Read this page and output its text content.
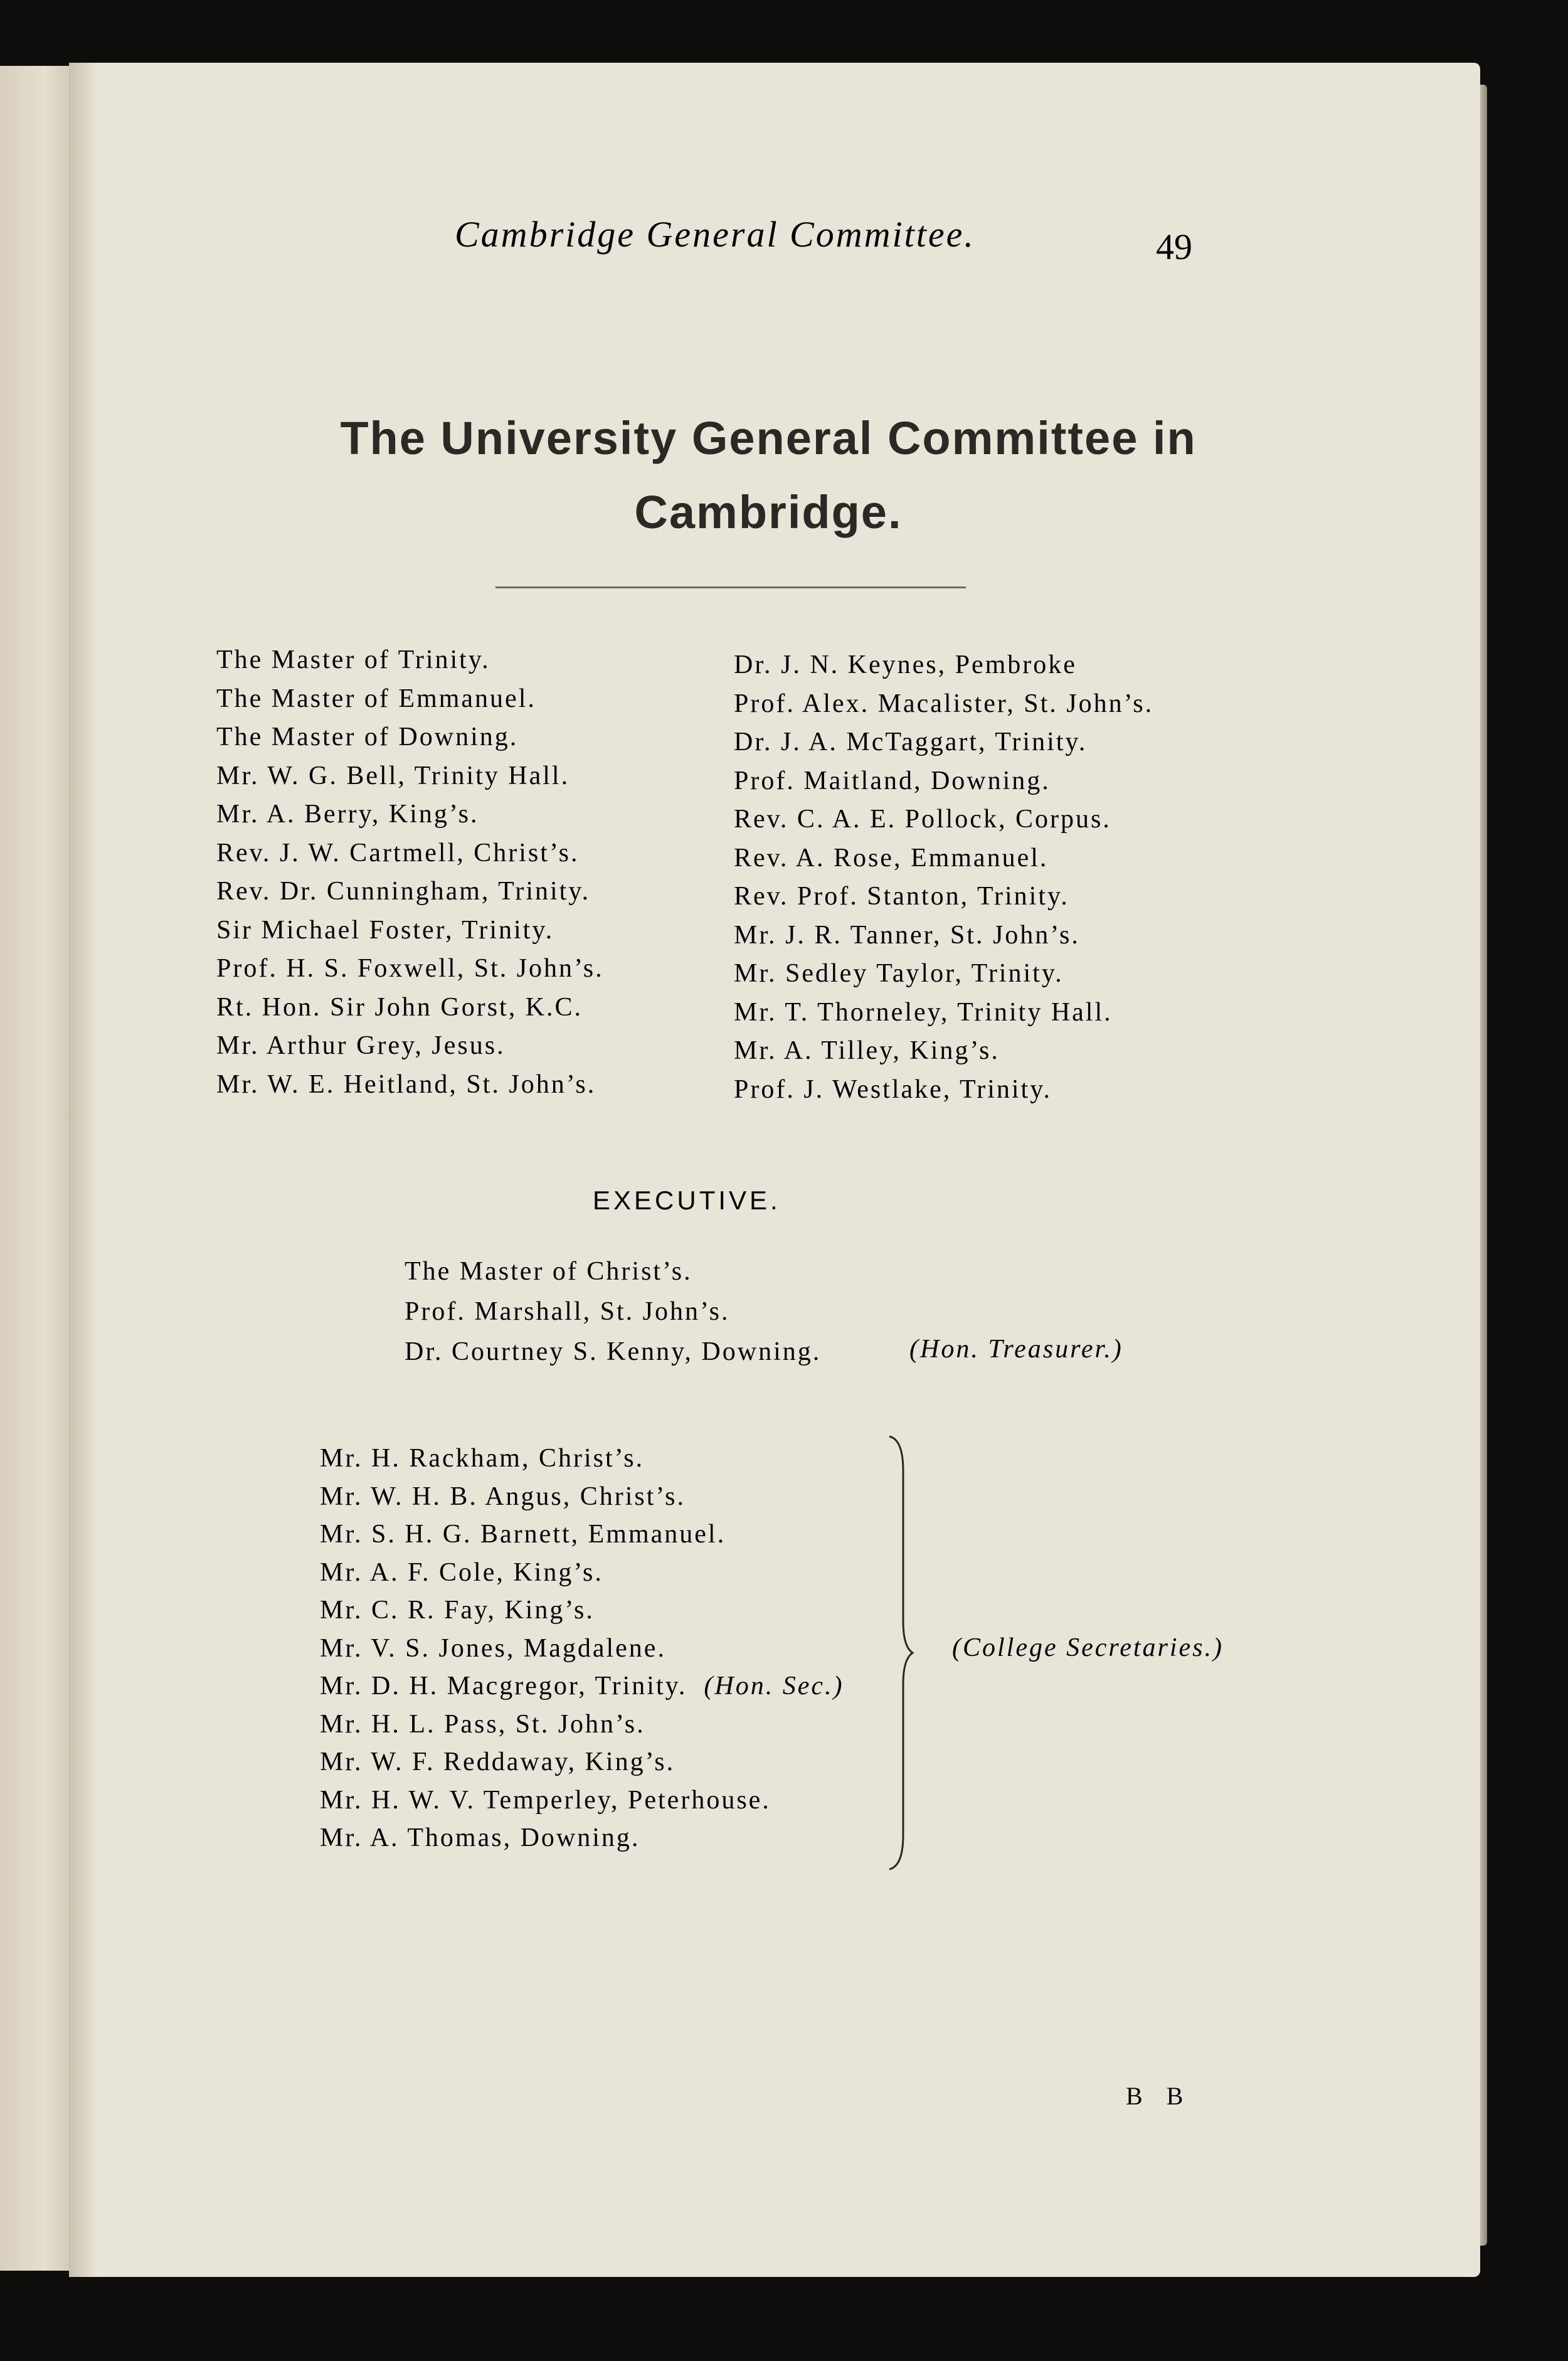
Cambridge General Committee.	49
The University General Committee in
Cambridge.
The Master of Trinity.
The Master of Emmanuel.
The Master of Downing.
Mr. W. G. Bell, Trinity Hall.
Mr. A. Berry, King’s.
Rev. J. W. Cartmell, Christ’s.
Rev. Dr. Cunningham, Trinity.
Sir Michael Foster, Trinity.
Prof. H. S. Foxwell, St. John’s.
Rt. Hon. Sir John Gorst, K.C.
Mr. Arthur Grey, Jesus.
Mr. W. E. Heitland, St. John’s.
Dr. J. N. Keynes, Pembroke
Prof. Alex. Macalister, St. John’s.
Dr. J. A. McTaggart, Trinity.
Prof. Maitland, Downing.
Rev. C. A. E. Pollock, Corpus.
Rev. A. Rose, Emmanuel.
Rev. Prof. Stanton, Trinity.
Mr. J. R. Tanner, St. John’s.
Mr. Sedley Taylor, Trinity.
Mr. T. Thorneley, Trinity Hall.
Mr. A. Tilley, King’s.
Prof. J. Westlake, Trinity.
EXECUTIVE.
The Master of Christ’s.
Prof. Marshall, St. John’s.
Dr. Courtney S. Kenny, Downing.	(Hon. Treasurer.)
Mr. H. Rackham, Christ’s.
Mr. W. H. B. Angus, Christ’s.
Mr. S. H. G. Barnett, Emmanuel.
Mr. A. F. Cole, King’s.
Mr. C. R. Fay, King’s.
Mr. V. S. Jones, Magdalene.
Mr. D. H. Macgregor, Trinity. (Hon. Sec.)
Mr. H. L. Pass, St. John’s.
Mr. W. F. Reddaway, King’s.
Mr. H. W. V. Temperley, Peterhouse.
Mr. A. Thomas, Downing.
(College Secretaries.)
B B
